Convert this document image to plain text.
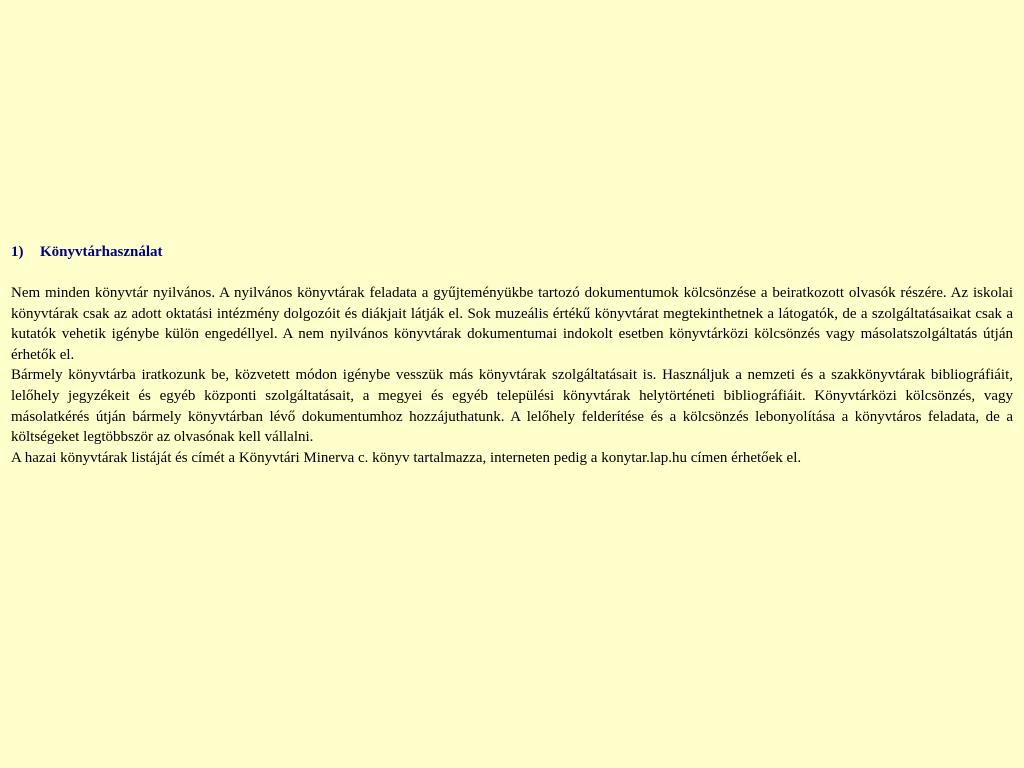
1)	Könyvtárhasználat

Nem minden könyvtár nyilvános. A nyilvános könyvtárak feladata a gyűjteményükbe tartozó dokumentumok kölcsönzése a beiratkozott olvasók részére. Az iskolai könyvtárak csak az adott oktatási intézmény dolgozóit és diákjait látják el. Sok muzeális értékű könyvtárat megtekinthetnek a látogatók, de a szolgáltatásaikat csak a kutatók vehetik igénybe külön engedéllyel. A nem nyilvános könyvtárak dokumentumai indokolt esetben könyvtárközi kölcsönzés vagy másolatszolgáltatás útján érhetők el.

Bármely könyvtárba iratkozunk be, közvetett módon igénybe vesszük más könyvtárak szolgáltatásait is. Használjuk a nemzeti és a szakkönyvtárak bibliográfiáit, lelőhely jegyzékeit és egyéb központi szolgáltatásait, a megyei és egyéb települési könyvtárak helytörténeti bibliográfiáit. Könyvtárközi kölcsönzés, vagy másolatkérés útján bármely könyvtárban lévő dokumentumhoz hozzájuthatunk. A lelőhely felderítése és a kölcsönzés lebonyolítása a könyvtáros feladata, de a költségeket legtöbbször az olvasónak kell vállalni.

A hazai könyvtárak listáját és címét a Könyvtári Minerva c. könyv tartalmazza, interneten pedig a konytar.lap.hu címen érhetőek el.
